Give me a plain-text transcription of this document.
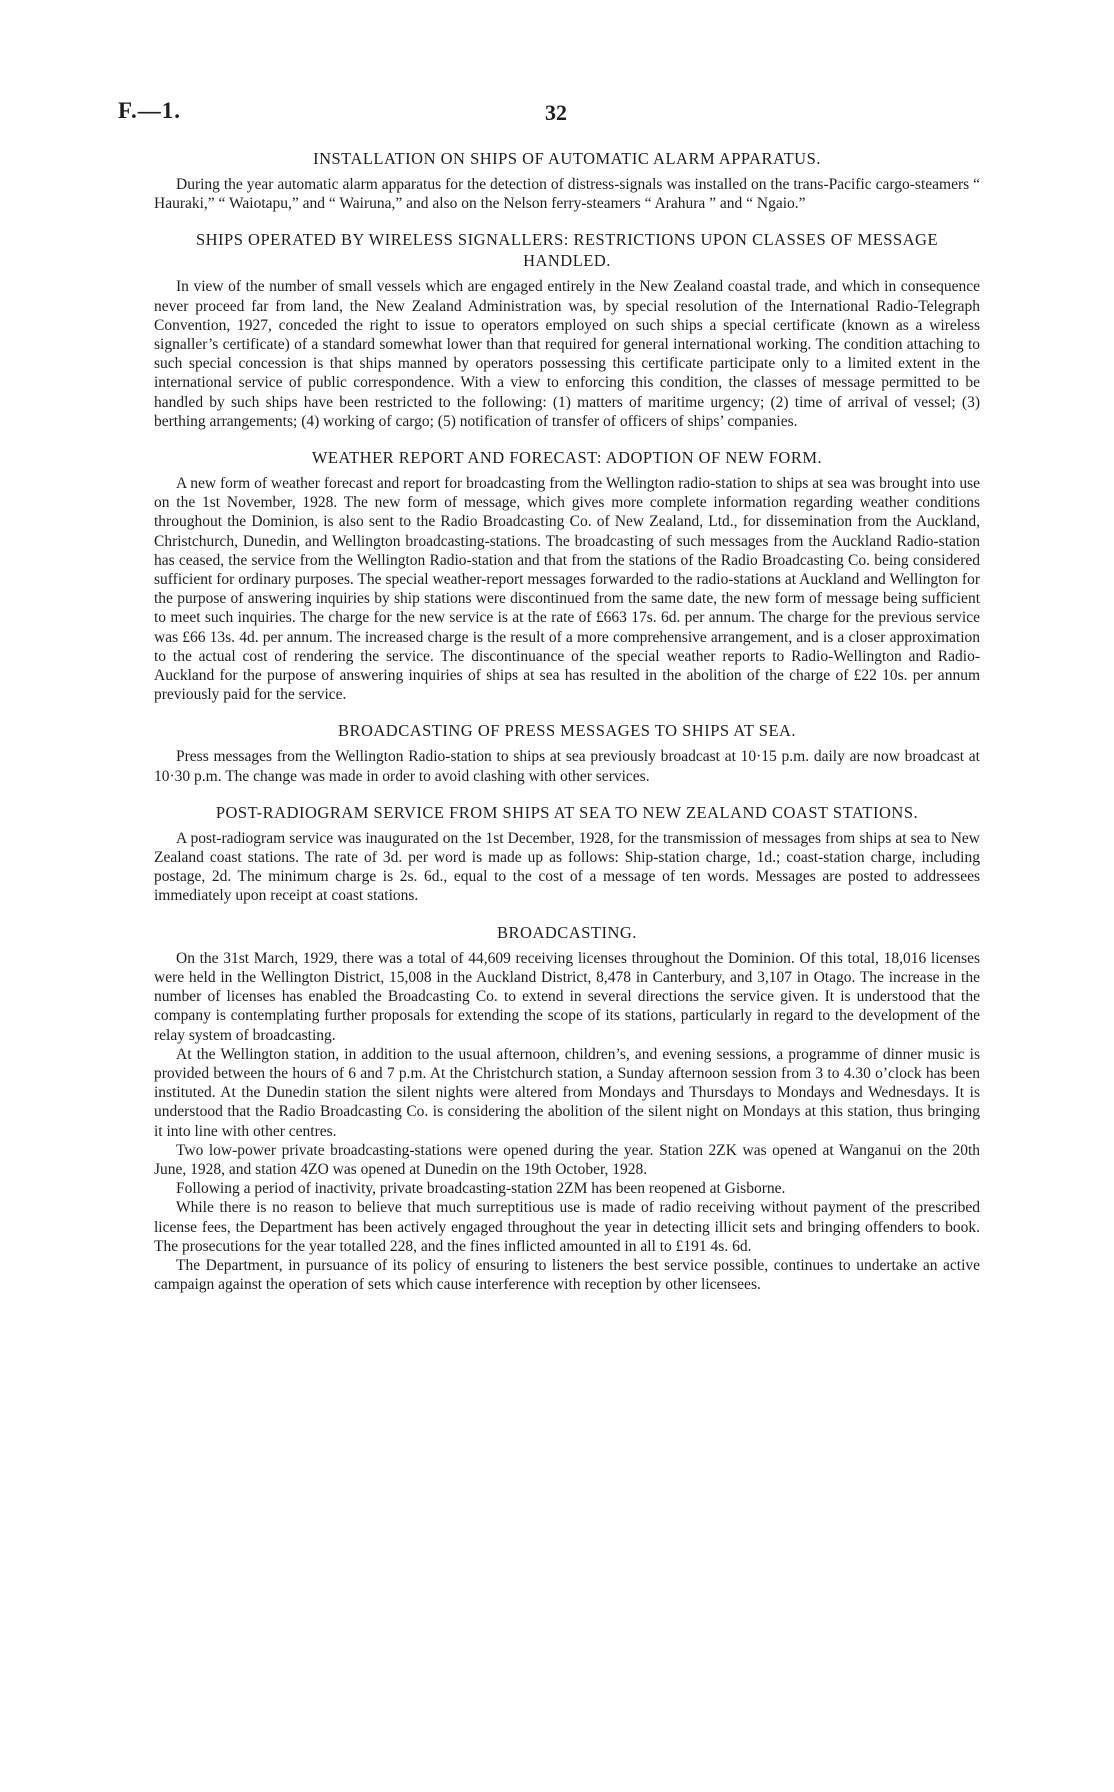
F.—1.	32
INSTALLATION ON SHIPS OF AUTOMATIC ALARM APPARATUS.

During the year automatic alarm apparatus for the detection of distress-signals was installed on the trans-Pacific cargo-steamers “ Hauraki,” “ Waiotapu,” and “ Wairuna,” and also on the Nelson ferry-steamers “ Arahura ” and “ Ngaio.”

SHIPS OPERATED BY WIRELESS SIGNALLERS: RESTRICTIONS UPON CLASSES OF MESSAGE HANDLED.

In view of the number of small vessels which are engaged entirely in the New Zealand coastal trade, and which in consequence never proceed far from land, the New Zealand Administration was, by special resolution of the International Radio-Telegraph Convention, 1927, conceded the right to issue to operators employed on such ships a special certificate (known as a wireless signaller’s certificate) of a standard somewhat lower than that required for general international working. The condition attaching to such special concession is that ships manned by operators possessing this certificate participate only to a limited extent in the international service of public correspondence. With a view to enforcing this condition, the classes of message permitted to be handled by such ships have been restricted to the following: (1) matters of maritime urgency; (2) time of arrival of vessel; (3) berthing arrangements; (4) working of cargo; (5) notification of transfer of officers of ships’ companies.

WEATHER REPORT AND FORECAST: ADOPTION OF NEW FORM.

A new form of weather forecast and report for broadcasting from the Wellington radio-station to ships at sea was brought into use on the 1st November, 1928. The new form of message, which gives more complete information regarding weather conditions throughout the Dominion, is also sent to the Radio Broadcasting Co. of New Zealand, Ltd., for dissemination from the Auckland, Christchurch, Dunedin, and Wellington broadcasting-stations. The broadcasting of such messages from the Auckland Radio-station has ceased, the service from the Wellington Radio-station and that from the stations of the Radio Broadcasting Co. being considered sufficient for ordinary purposes. The special weather-report messages forwarded to the radio-stations at Auckland and Wellington for the purpose of answering inquiries by ship stations were discontinued from the same date, the new form of message being sufficient to meet such inquiries. The charge for the new service is at the rate of £663 17s. 6d. per annum. The charge for the previous service was £66 13s. 4d. per annum. The increased charge is the result of a more comprehensive arrangement, and is a closer approximation to the actual cost of rendering the service. The discontinuance of the special weather reports to Radio-Wellington and Radio-Auckland for the purpose of answering inquiries of ships at sea has resulted in the abolition of the charge of £22 10s. per annum previously paid for the service.

BROADCASTING OF PRESS MESSAGES TO SHIPS AT SEA.

Press messages from the Wellington Radio-station to ships at sea previously broadcast at 10·15 p.m. daily are now broadcast at 10·30 p.m. The change was made in order to avoid clashing with other services.

POST-RADIOGRAM SERVICE FROM SHIPS AT SEA TO NEW ZEALAND COAST STATIONS.

A post-radiogram service was inaugurated on the 1st December, 1928, for the transmission of messages from ships at sea to New Zealand coast stations. The rate of 3d. per word is made up as follows: Ship-station charge, 1d.; coast-station charge, including postage, 2d. The minimum charge is 2s. 6d., equal to the cost of a message of ten words. Messages are posted to addressees immediately upon receipt at coast stations.

BROADCASTING.

On the 31st March, 1929, there was a total of 44,609 receiving licenses throughout the Dominion. Of this total, 18,016 licenses were held in the Wellington District, 15,008 in the Auckland District, 8,478 in Canterbury, and 3,107 in Otago. The increase in the number of licenses has enabled the Broadcasting Co. to extend in several directions the service given. It is understood that the company is contemplating further proposals for extending the scope of its stations, particularly in regard to the development of the relay system of broadcasting.

At the Wellington station, in addition to the usual afternoon, children’s, and evening sessions, a programme of dinner music is provided between the hours of 6 and 7 p.m. At the Christchurch station, a Sunday afternoon session from 3 to 4.30 o’clock has been instituted. At the Dunedin station the silent nights were altered from Mondays and Thursdays to Mondays and Wednesdays. It is understood that the Radio Broadcasting Co. is considering the abolition of the silent night on Mondays at this station, thus bringing it into line with other centres.

Two low-power private broadcasting-stations were opened during the year. Station 2ZK was opened at Wanganui on the 20th June, 1928, and station 4ZO was opened at Dunedin on the 19th October, 1928.

Following a period of inactivity, private broadcasting-station 2ZM has been reopened at Gisborne.

While there is no reason to believe that much surreptitious use is made of radio receiving without payment of the prescribed license fees, the Department has been actively engaged throughout the year in detecting illicit sets and bringing offenders to book. The prosecutions for the year totalled 228, and the fines inflicted amounted in all to £191 4s. 6d.

The Department, in pursuance of its policy of ensuring to listeners the best service possible, continues to undertake an active campaign against the operation of sets which cause interference with reception by other licensees.
